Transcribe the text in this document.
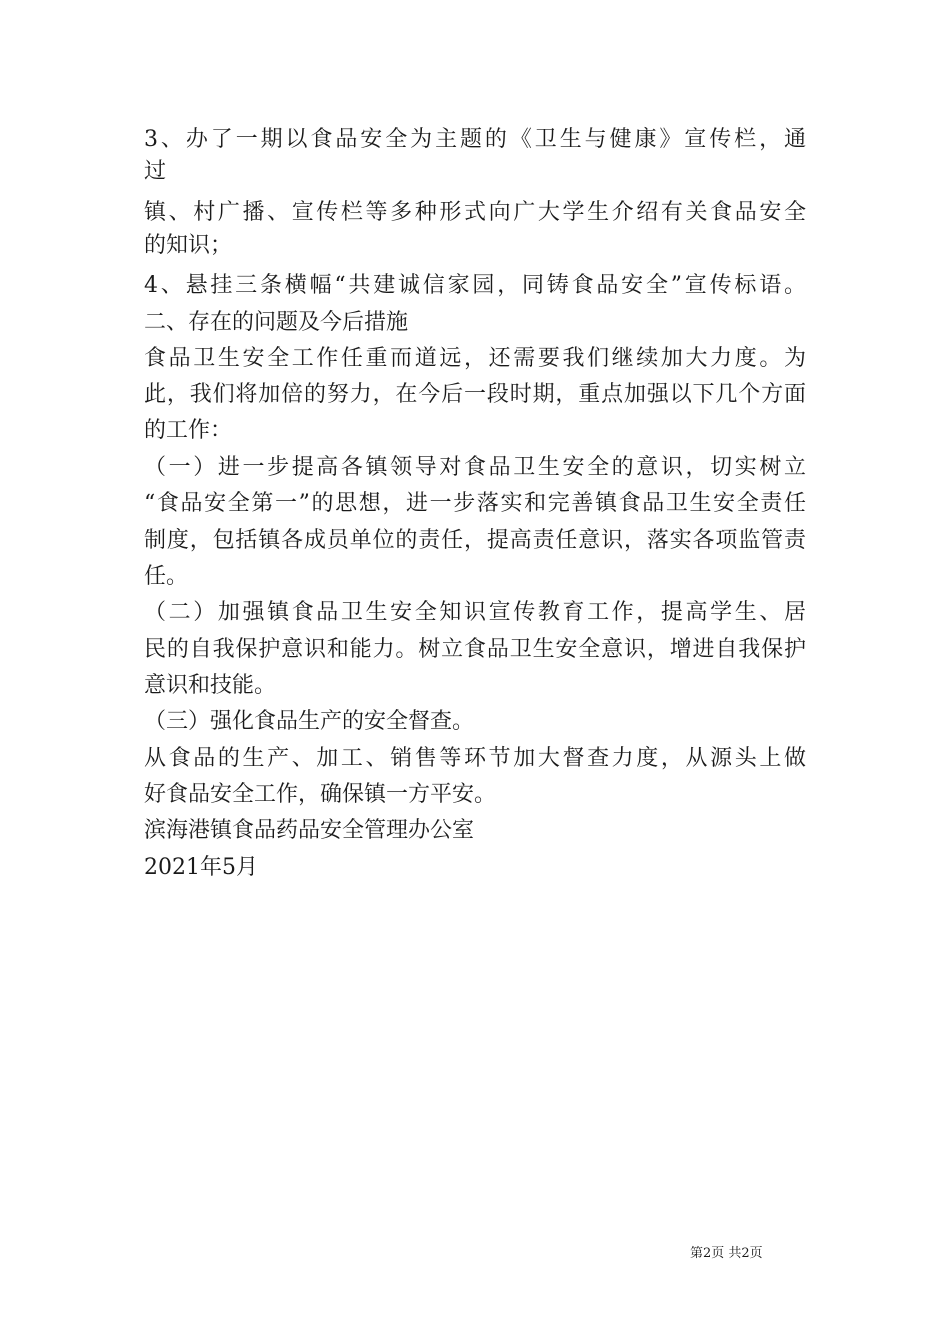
3、办了一期以食品安全为主题的《卫生与健康》宣传栏，通
过
镇、村广播、宣传栏等多种形式向广大学生介绍有关食品安全
的知识；
4、悬挂三条横幅“共建诚信家园，同铸食品安全”宣传标语。
二、存在的问题及今后措施
食品卫生安全工作任重而道远，还需要我们继续加大力度。为
此，我们将加倍的努力，在今后一段时期，重点加强以下几个方面
的工作：
（一）进一步提高各镇领导对食品卫生安全的意识，切实树立
“食品安全第一”的思想，进一步落实和完善镇食品卫生安全责任
制度，包括镇各成员单位的责任，提高责任意识，落实各项监管责
任。
（二）加强镇食品卫生安全知识宣传教育工作，提高学生、居
民的自我保护意识和能力。树立食品卫生安全意识，增进自我保护
意识和技能。
（三）强化食品生产的安全督查。
从食品的生产、加工、销售等环节加大督查力度，从源头上做
好食品安全工作，确保镇一方平安。
滨海港镇食品药品安全管理办公室
2021年5月
第2页 共2页
